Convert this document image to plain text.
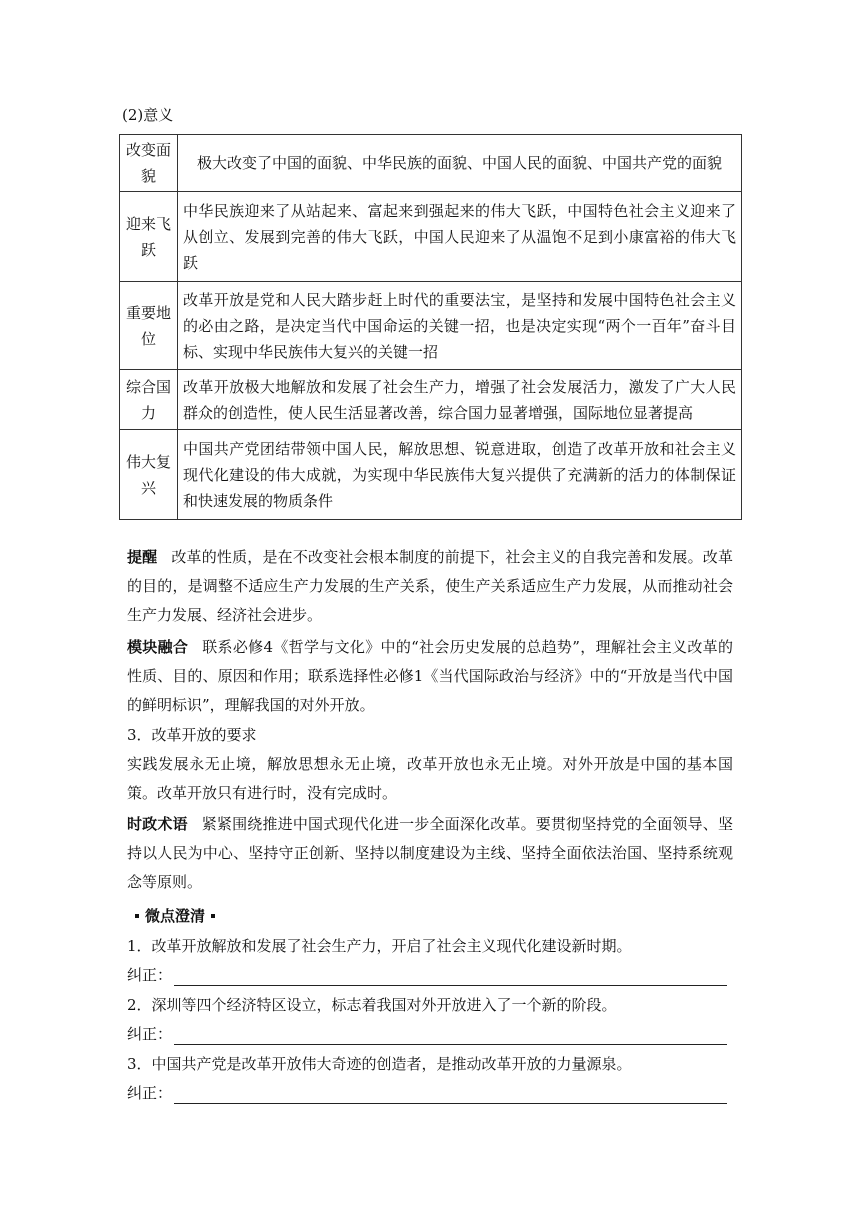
(2)意义
改变面貌	极大改变了中国的面貌、中华民族的面貌、中国人民的面貌、中国共产党的面貌
迎来飞跃	中华民族迎来了从站起来、富起来到强起来的伟大飞跃，中国特色社会主义迎来了从创立、发展到完善的伟大飞跃，中国人民迎来了从温饱不足到小康富裕的伟大飞跃
重要地位	改革开放是党和人民大踏步赶上时代的重要法宝，是坚持和发展中国特色社会主义的必由之路，是决定当代中国命运的关键一招，也是决定实现“两个一百年”奋斗目标、实现中华民族伟大复兴的关键一招
综合国力	改革开放极大地解放和发展了社会生产力，增强了社会发展活力，激发了广大人民群众的创造性，使人民生活显著改善，综合国力显著增强，国际地位显著提高
伟大复兴	中国共产党团结带领中国人民，解放思想、锐意进取，创造了改革开放和社会主义现代化建设的伟大成就，为实现中华民族伟大复兴提供了充满新的活力的体制保证和快速发展的物质条件
提醒 改革的性质，是在不改变社会根本制度的前提下，社会主义的自我完善和发展。改革的目的，是调整不适应生产力发展的生产关系，使生产关系适应生产力发展，从而推动社会生产力发展、经济社会进步。
模块融合 联系必修4《哲学与文化》中的“社会历史发展的总趋势”，理解社会主义改革的性质、目的、原因和作用；联系选择性必修1《当代国际政治与经济》中的“开放是当代中国的鲜明标识”，理解我国的对外开放。
3．改革开放的要求
实践发展永无止境，解放思想永无止境，改革开放也永无止境。对外开放是中国的基本国策。改革开放只有进行时，没有完成时。
时政术语 紧紧围绕推进中国式现代化进一步全面深化改革。要贯彻坚持党的全面领导、坚持以人民为中心、坚持守正创新、坚持以制度建设为主线、坚持全面依法治国、坚持系统观念等原则。
微点澄清
1．改革开放解放和发展了社会生产力，开启了社会主义现代化建设新时期。
纠正：
2．深圳等四个经济特区设立，标志着我国对外开放进入了一个新的阶段。
纠正：
3．中国共产党是改革开放伟大奇迹的创造者，是推动改革开放的力量源泉。
纠正：
